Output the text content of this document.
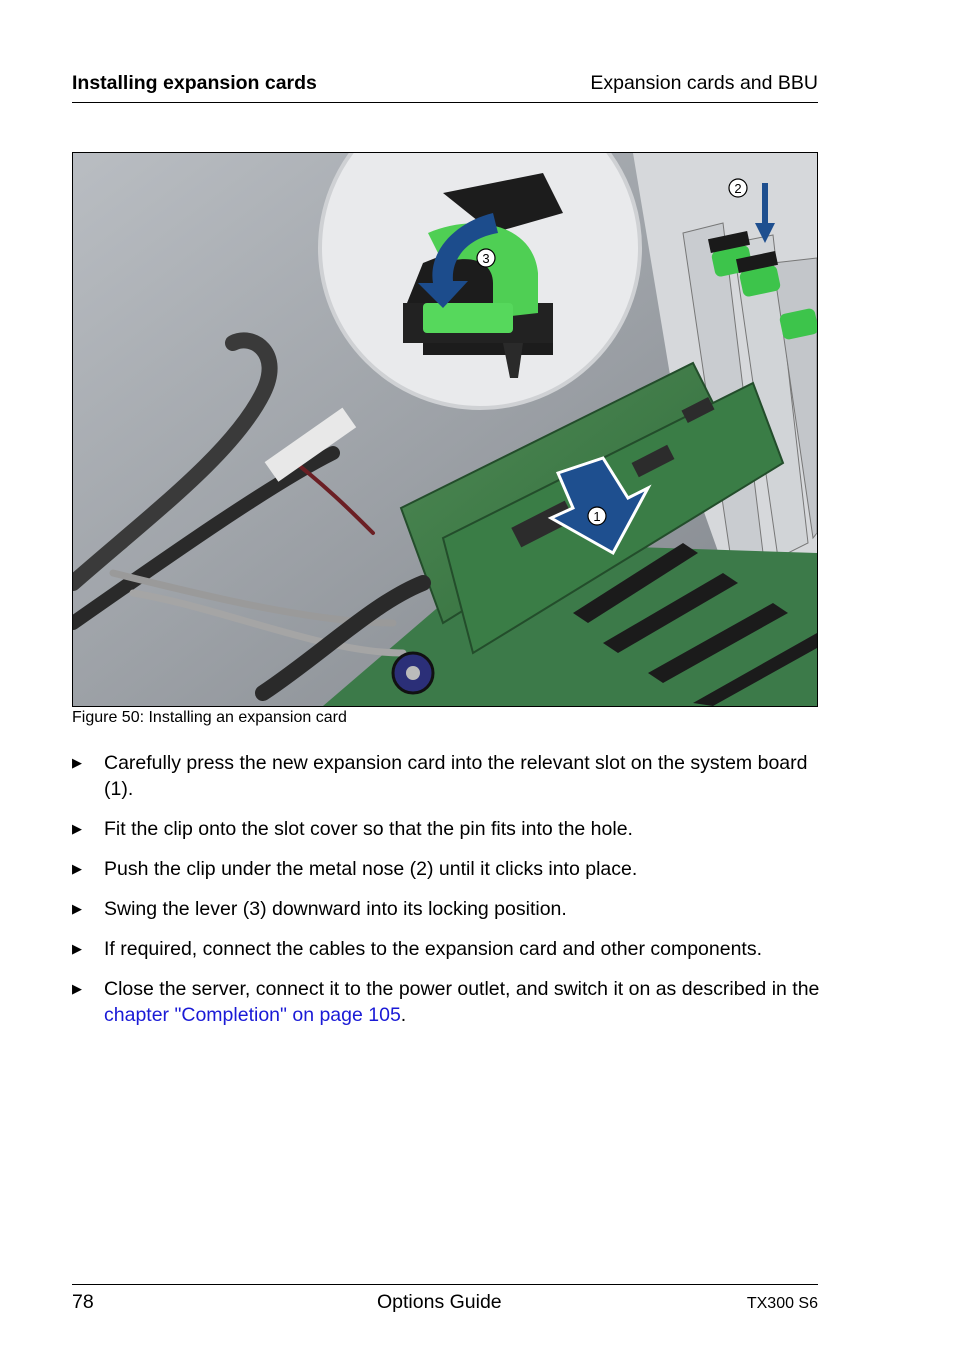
Installing expansion cards	Expansion cards and BBU
1
2
3
Figure 50: Installing an expansion card
▶ Carefully press the new expansion card into the relevant slot on the system board (1).
▶ Fit the clip onto the slot cover so that the pin fits into the hole.
▶ Push the clip under the metal nose (2) until it clicks into place.
▶ Swing the lever (3) downward into its locking position.
▶ If required, connect the cables to the expansion card and other components.
▶ Close the server, connect it to the power outlet, and switch it on as described in the chapter "Completion" on page 105.
78	Options Guide	TX300 S6
